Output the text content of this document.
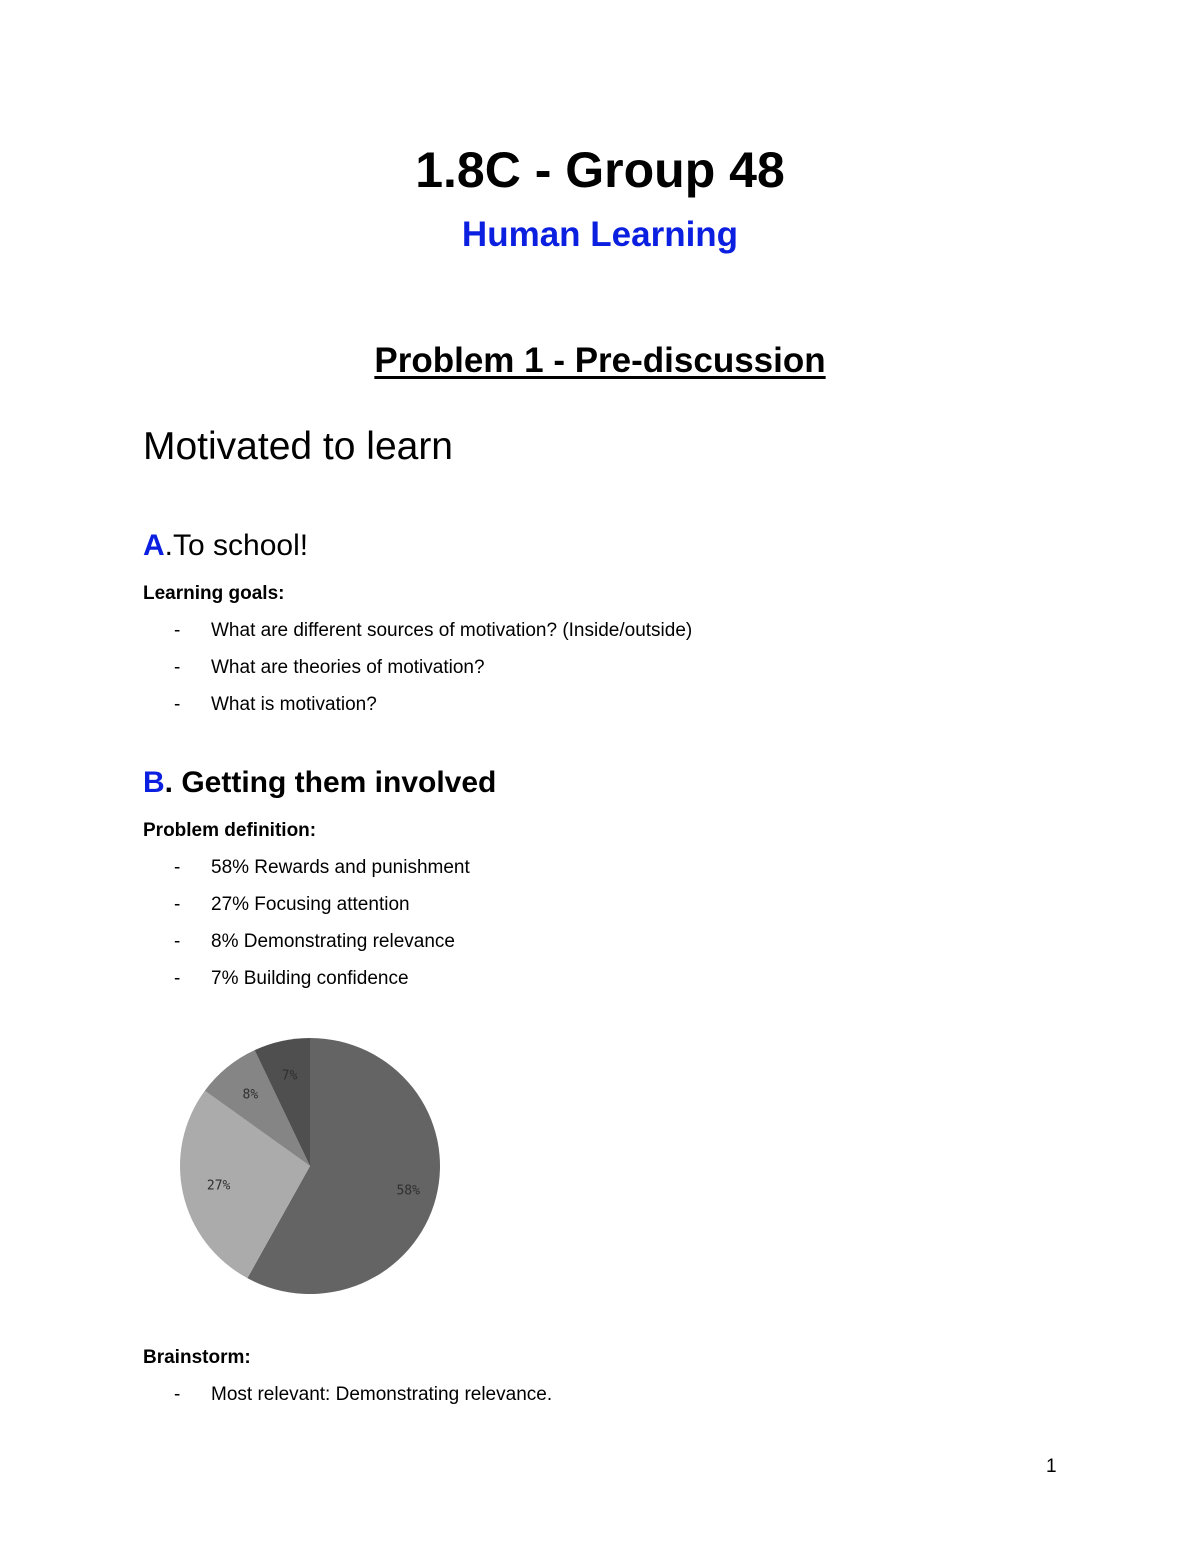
1.8C - Group 48
Human Learning
Problem 1 - Pre-discussion
Motivated to learn
A.To school!

Learning goals:

- What are different sources of motivation? (Inside/outside)
- What are theories of motivation?
- What is motivation?
B. Getting them involved

Problem definition:

- 58% Rewards and punishment
- 27% Focusing attention
- 8% Demonstrating relevance
- 7% Building confidence
58%
27%
8%
7%

Brainstorm:

- Most relevant: Demonstrating relevance.

1
